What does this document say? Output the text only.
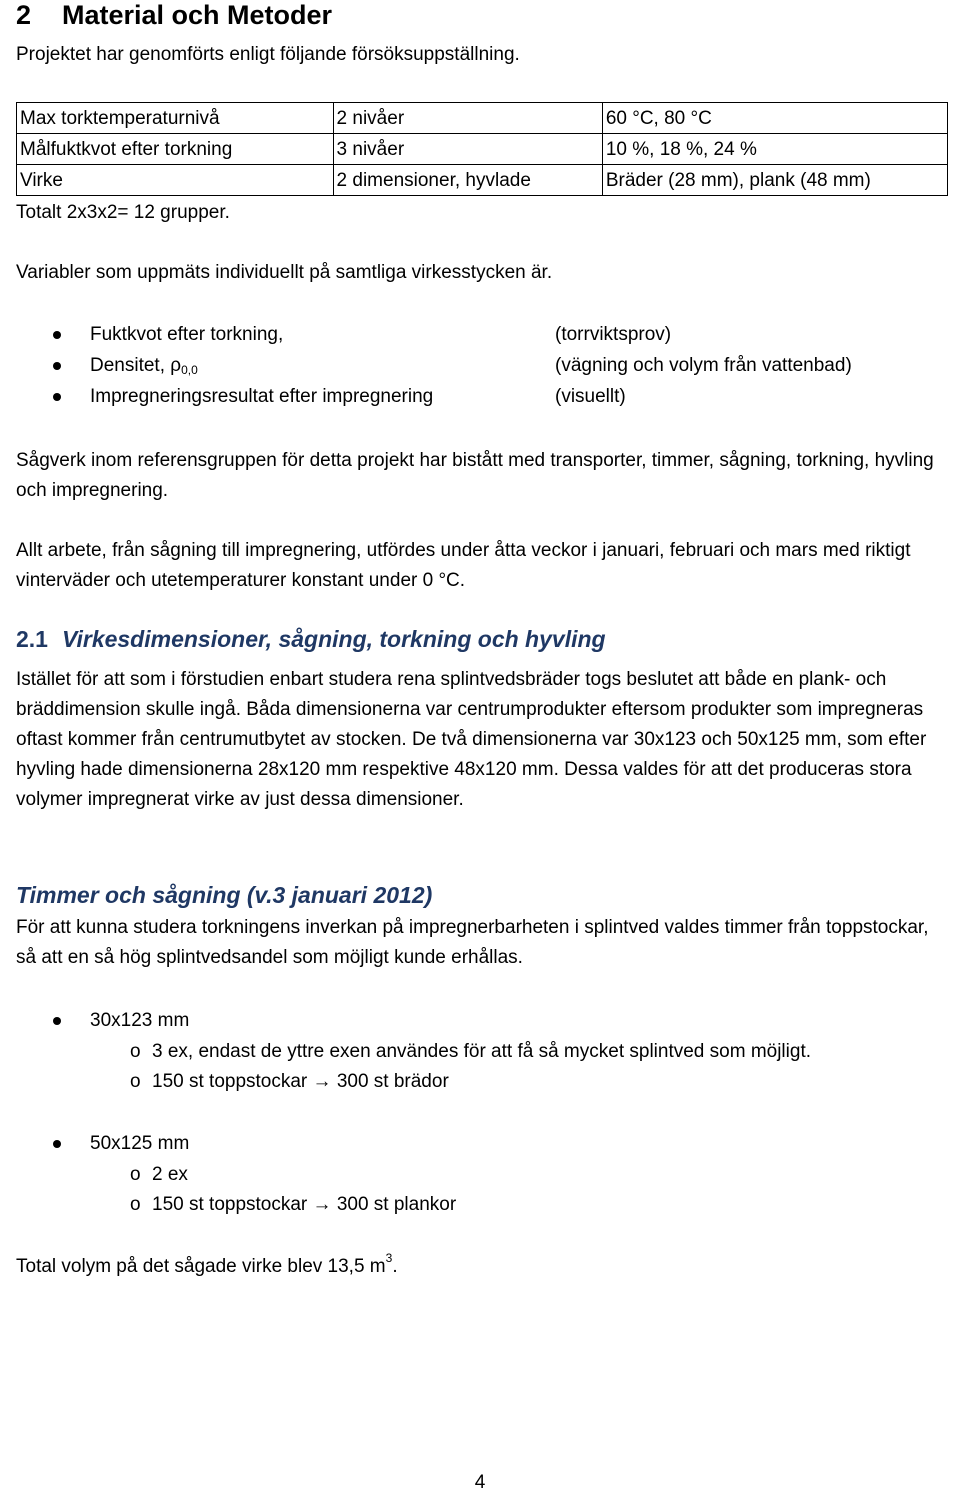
2 Material och Metoder

Projektet har genomförts enligt följande försöksuppställning.

Max torktemperaturnivå	2 nivåer	60 °C, 80 °C
Målfuktkvot efter torkning	3 nivåer	10 %, 18 %, 24 %
Virke	2 dimensioner, hyvlade	Bräder (28 mm), plank (48 mm)

Totalt 2x3x2= 12 grupper.

Variabler som uppmäts individuellt på samtliga virkesstycken är.

Fuktkvot efter torkning,	(torrviktsprov)
Densitet, $\rho_{0,0}$	(vägning och volym från vattenbad)
Impregneringsresultat efter impregnering	(visuellt)

Sågverk inom referensgruppen för detta projekt har bistått med transporter, timmer, sågning, torkning, hyvling och impregnering.

Allt arbete, från sågning till impregnering, utfördes under åtta veckor i januari, februari och mars med riktigt vinterväder och utetemperaturer konstant under 0 °C.

2.1 Virkesdimensioner, sågning, torkning och hyvling

Istället för att som i förstudien enbart studera rena splintvedsbräder togs beslutet att både en plank- och bräddimension skulle ingå. Båda dimensionerna var centrumprodukter eftersom produkter som impregneras oftast kommer från centrumutbytet av stocken. De två dimensionerna var 30x123 och 50x125 mm, som efter hyvling hade dimensionerna 28x120 mm respektive 48x120 mm. Dessa valdes för att det produceras stora volymer impregnerat virke av just dessa dimensioner.

Timmer och sågning (v.3 januari 2012)

För att kunna studera torkningens inverkan på impregnerbarheten i splintved valdes timmer från toppstockar, så att en så hög splintvedsandel som möjligt kunde erhållas.

30x123 mm
o 3 ex, endast de yttre exen användes för att få så mycket splintved som möjligt.
o 150 st toppstockar → 300 st brädor
50x125 mm
o 2 ex
o 150 st toppstockar → 300 st plankor

Total volym på det sågade virke blev 13,5 $m^3$.

4
